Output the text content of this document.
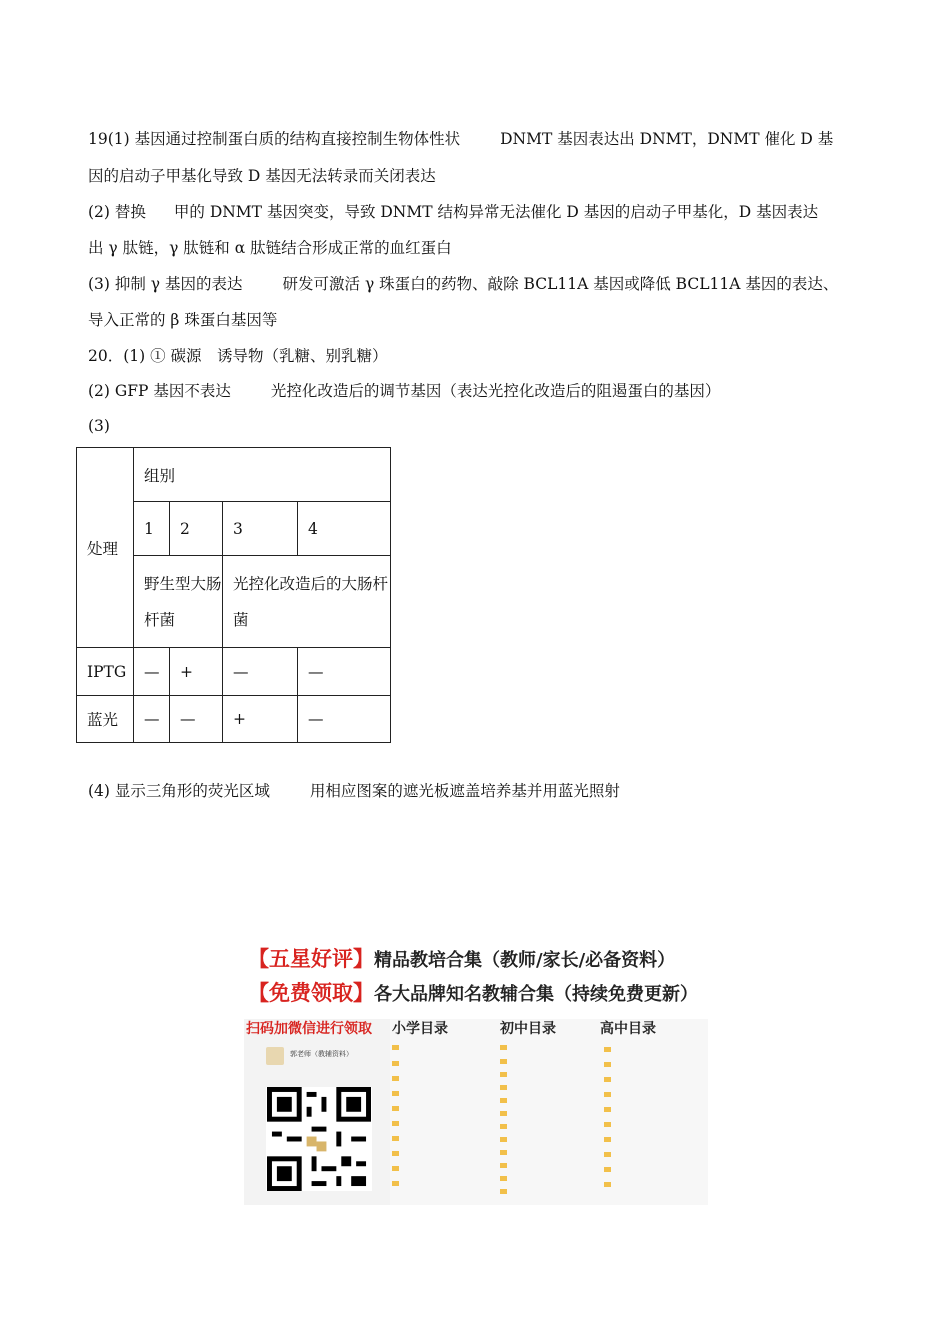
19(1) 基因通过控制蛋白质的结构直接控制生物体性状	DNMT 基因表达出 DNMT，DNMT 催化 D 基
因的启动子甲基化导致 D 基因无法转录而关闭表达
(2) 替换 甲的 DNMT 基因突变，导致 DNMT 结构异常无法催化 D 基因的启动子甲基化，D 基因表达
出 γ 肽链，γ 肽链和 α 肽链结合形成正常的血红蛋白
(3) 抑制 γ 基因的表达	研发可激活 γ 珠蛋白的药物、敲除 BCL11A 基因或降低 BCL11A 基因的表达、
导入正常的 β 珠蛋白基因等
20．(1) ① 碳源　诱导物（乳糖、别乳糖）
(2) GFP 基因不表达	光控化改造后的调节基因（表达光控化改造后的阻遏蛋白的基因）
(3)
处理	组别			
	1	2	3	4
	野生型大肠杆菌		光控化改造后的大肠杆菌	
IPTG	—	+	—	—
蓝光	—	—	+	—
(4) 显示三角形的荧光区域	用相应图案的遮光板遮盖培养基并用蓝光照射
【五星好评】精品教培合集（教师/家长/必备资料）
【免费领取】各大品牌知名教辅合集（持续免费更新）
扫码加微信进行领取
郭老师（教辅资料）
小学目录	初中目录	高中目录
